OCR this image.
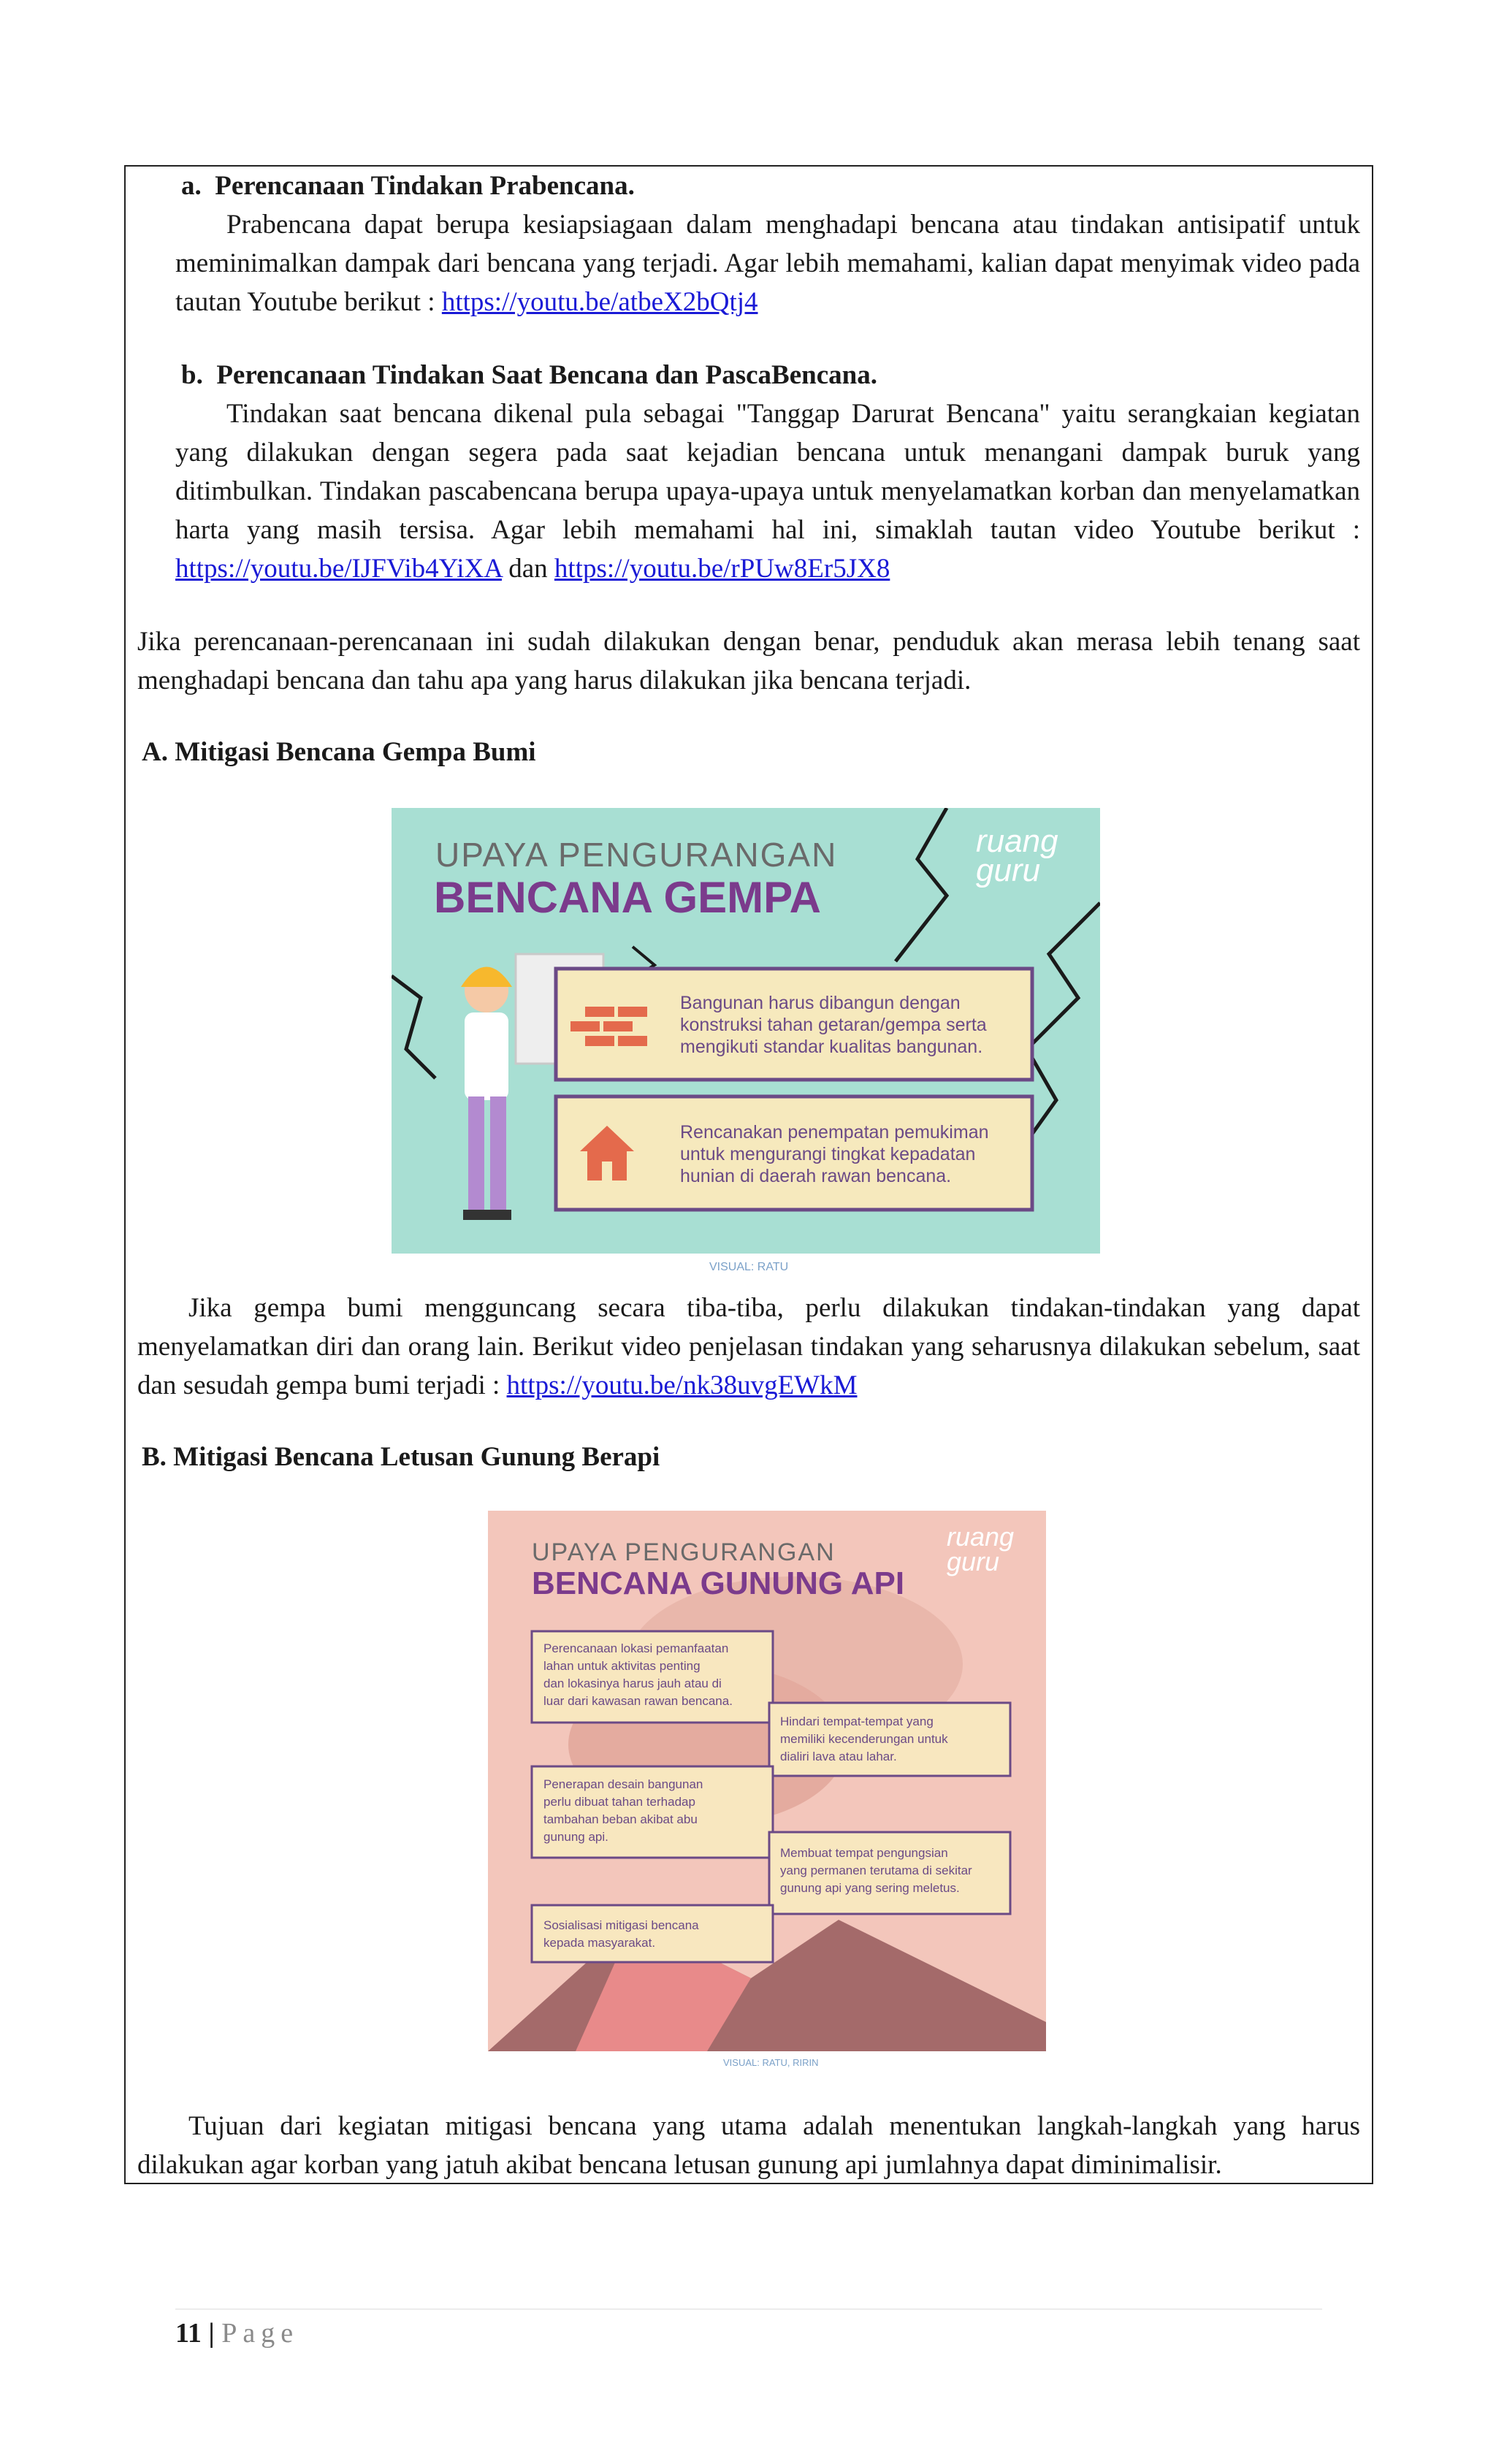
a.  Perencanaan Tindakan Prabencana.

Prabencana dapat berupa kesiapsiagaan dalam menghadapi bencana atau tindakan antisipatif untuk meminimalkan dampak dari bencana yang terjadi. Agar lebih memahami, kalian dapat menyimak video pada tautan Youtube berikut : https://youtu.be/atbeX2bQtj4

b.  Perencanaan Tindakan Saat Bencana dan PascaBencana.

Tindakan saat bencana dikenal pula sebagai "Tanggap Darurat Bencana" yaitu serangkaian kegiatan yang dilakukan dengan segera pada saat kejadian bencana untuk menangani dampak buruk yang ditimbulkan. Tindakan pascabencana berupa upaya-upaya untuk menyelamatkan korban dan menyelamatkan harta yang masih tersisa. Agar lebih memahami hal ini, simaklah tautan video Youtube berikut : https://youtu.be/IJFVib4YiXA dan https://youtu.be/rPUw8Er5JX8

Jika perencanaan-perencanaan ini sudah dilakukan dengan benar, penduduk akan merasa lebih tenang saat menghadapi bencana dan tahu apa yang harus dilakukan jika bencana terjadi.
A. Mitigasi Bencana Gempa Bumi
UPAYA PENGURANGAN
BENCANA GEMPA
ruang
guru
Bangunan harus dibangun dengan
konstruksi tahan getaran/gempa serta
mengikuti standar kualitas bangunan.
Rencanakan penempatan pemukiman
untuk mengurangi tingkat kepadatan
hunian di daerah rawan bencana.
VISUAL: RATU

Jika gempa bumi mengguncang secara tiba-tiba, perlu dilakukan tindakan-tindakan yang dapat menyelamatkan diri dan orang lain. Berikut video penjelasan tindakan yang seharusnya dilakukan sebelum, saat dan sesudah gempa bumi terjadi : https://youtu.be/nk38uvgEWkM

B. Mitigasi Bencana Letusan Gunung Berapi
UPAYA PENGURANGAN
BENCANA GUNUNG API
ruang
guru
Perencanaan lokasi pemanfaatan
lahan untuk aktivitas penting
dan lokasinya harus jauh atau di
luar dari kawasan rawan bencana.
Hindari tempat-tempat yang
memiliki kecenderungan untuk
dialiri lava atau lahar.
Penerapan desain bangunan
perlu dibuat tahan terhadap
tambahan beban akibat abu
gunung api.
Membuat tempat pengungsian
yang permanen terutama di sekitar
gunung api yang sering meletus.
Sosialisasi mitigasi bencana
kepada masyarakat.
VISUAL: RATU, RIRIN

Tujuan dari kegiatan mitigasi bencana yang utama adalah menentukan langkah-langkah yang harus dilakukan agar korban yang jatuh akibat bencana letusan gunung api jumlahnya dapat diminimalisir.

11 | Page
